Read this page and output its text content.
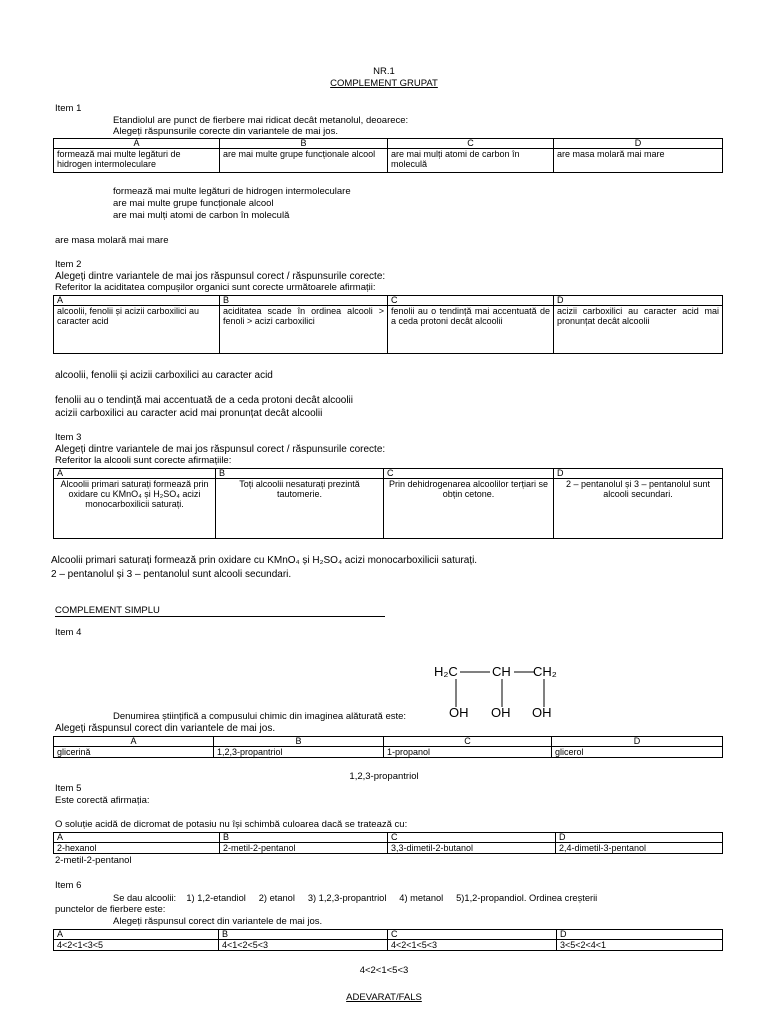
NR.1
COMPLEMENT GRUPAT
Item 1
Etandiolul are punct de fierbere mai ridicat decât metanolul, deoarece:
Alegeți răspunsurile corecte din variantele de mai jos.
A	B	C	D
formează mai multe legături de hidrogen intermoleculare	are mai multe grupe funcționale alcool	are mai mulți atomi de carbon în moleculă	are masa molară mai mare
formează mai multe legături de hidrogen intermoleculare
are mai multe grupe funcționale alcool
are mai mulți atomi de carbon în moleculă
are masa molară mai mare
Item 2
Alegeți dintre variantele de mai jos răspunsul corect / răspunsurile corecte:
Referitor la aciditatea compușilor organici sunt corecte următoarele afirmații:
A	B	C	D
alcoolii, fenolii și acizii carboxilici au caracter acid	aciditatea scade în ordinea alcooli > fenoli > acizi carboxilici	fenolii au o tendință mai accentuată de a ceda protoni decât alcoolii	acizii carboxilici au caracter acid mai pronunțat decât alcoolii
alcoolii, fenolii și acizii carboxilici au caracter acid
fenolii au o tendință mai accentuată de a ceda protoni decât alcoolii
acizii carboxilici au caracter acid mai pronunțat decât alcoolii
Item 3
Alegeți dintre variantele de mai jos răspunsul corect / răspunsurile corecte:
Referitor la alcooli sunt corecte afirmațiile:
A	B	C	D
Alcoolii primari saturați formează prin oxidare cu KMnO₄ și H₂SO₄ acizi monocarboxilicii saturați.	Toți alcoolii nesaturați prezintă tautomerie.	Prin dehidrogenarea alcoolilor terțiari se obțin cetone.	2 – pentanolul și 3 – pentanolul sunt alcooli secundari.
Alcoolii primari saturați formează prin oxidare cu KMnO₄ și H₂SO₄ acizi monocarboxilicii saturați.
2 – pentanolul și 3 – pentanolul sunt alcooli secundari.
COMPLEMENT SIMPLU
Item 4
H₂C	CH CH₂
OH OH OH
Denumirea științifică a compusului chimic din imaginea alăturată este:
Alegeți răspunsul corect din variantele de mai jos.
A	B	C	D
glicerină	1,2,3-propantriol	1-propanol	glicerol
1,2,3-propantriol
Item 5
Este corectă afirmația:
O soluție acidă de dicromat de potasiu nu își schimbă culoarea dacă se tratează cu:
A	B	C	D
2-hexanol	2-metil-2-pentanol	3,3-dimetil-2-butanol	2,4-dimetil-3-pentanol
2-metil-2-pentanol
Item 6
Se dau alcoolii:    1) 1,2-etandiol     2) etanol     3) 1,2,3-propantriol     4) metanol     5)1,2-propandiol. Ordinea creșterii
punctelor de fierbere este:
Alegeți răspunsul corect din variantele de mai jos.
A	B	C	D
4<2<1<3<5	4<1<2<5<3	4<2<1<5<3	3<5<2<4<1
4<2<1<5<3
ADEVARAT/FALS
